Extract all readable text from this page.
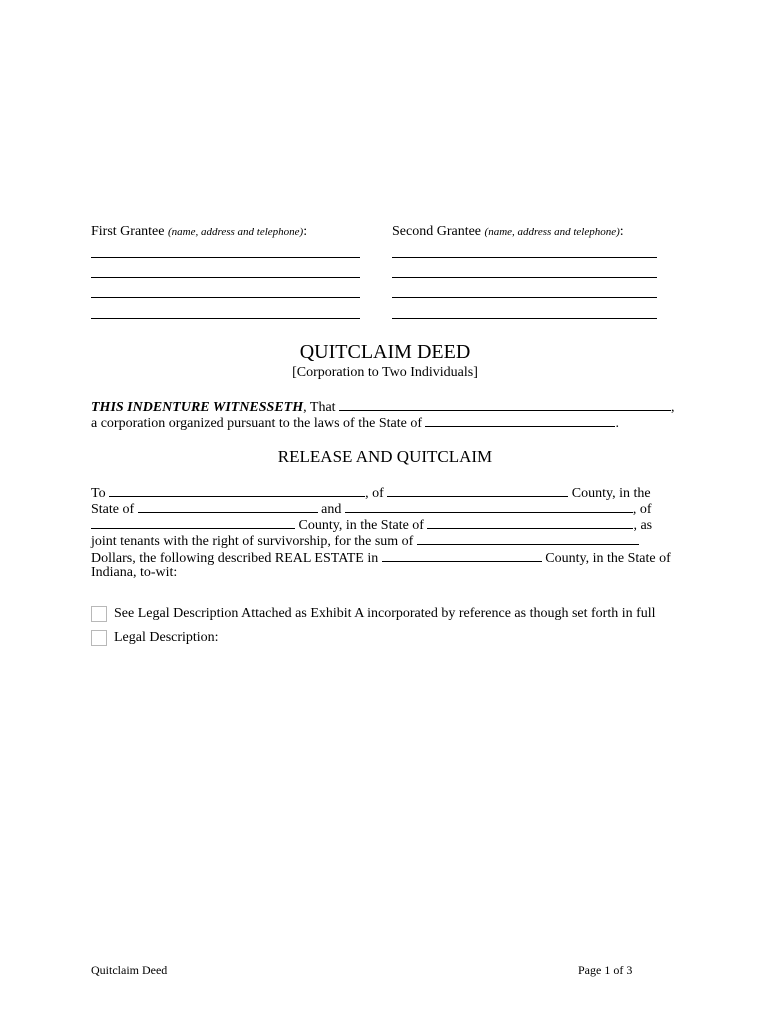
First Grantee (name, address and telephone):	Second Grantee (name, address and telephone):
QUITCLAIM DEED
[Corporation to Two Individuals]
THIS INDENTURE WITNESSETH, That	,
a corporation organized pursuant to the laws of the State of	.
RELEASE AND QUITCLAIM
To	, of	County, in the
State of	and	, of
County, in the State of	, as
joint tenants with the right of survivorship, for the sum of
Dollars, the following described REAL ESTATE in	County, in the State of
Indiana, to-wit:
See Legal Description Attached as Exhibit A incorporated by reference as though set forth in full
Legal Description:
Quitclaim Deed	Page 1 of 3
